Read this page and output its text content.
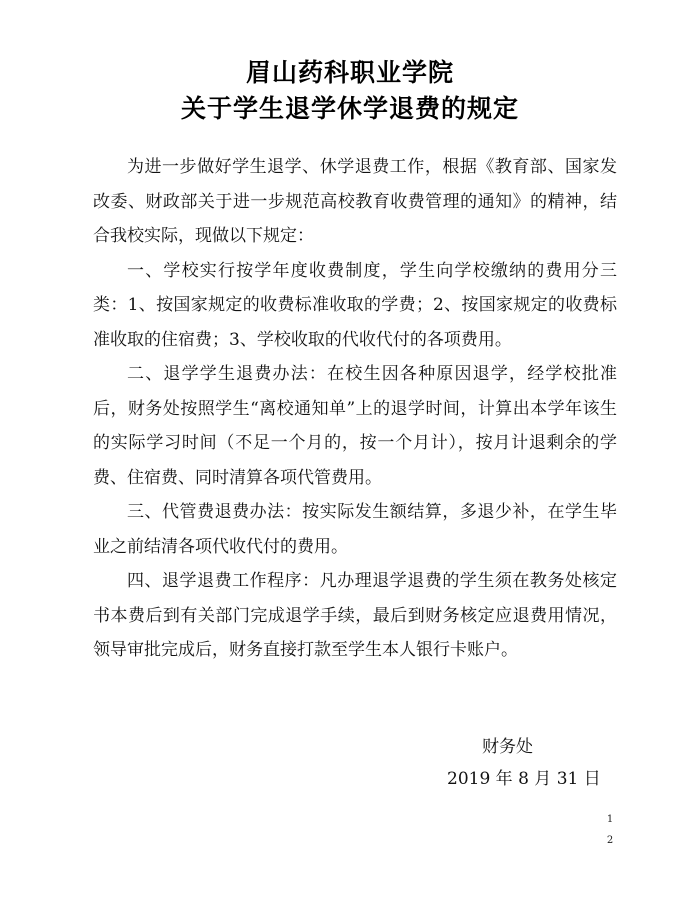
眉山药科职业学院
关于学生退学休学退费的规定

为进一步做好学生退学、休学退费工作，根据《教育部、国家发改委、财政部关于进一步规范高校教育收费管理的通知》的精神，结合我校实际，现做以下规定：

一、学校实行按学年度收费制度，学生向学校缴纳的费用分三类：1、按国家规定的收费标准收取的学费；2、按国家规定的收费标准收取的住宿费；3、学校收取的代收代付的各项费用。

二、退学学生退费办法：在校生因各种原因退学，经学校批准后，财务处按照学生“离校通知单”上的退学时间，计算出本学年该生的实际学习时间（不足一个月的，按一个月计），按月计退剩余的学费、住宿费、同时清算各项代管费用。

三、代管费退费办法：按实际发生额结算，多退少补，在学生毕业之前结清各项代收代付的费用。

四、退学退费工作程序：凡办理退学退费的学生须在教务处核定书本费后到有关部门完成退学手续，最后到财务核定应退费用情况，领导审批完成后，财务直接打款至学生本人银行卡账户。

财务处
2019 年 8 月 31 日
1
2
